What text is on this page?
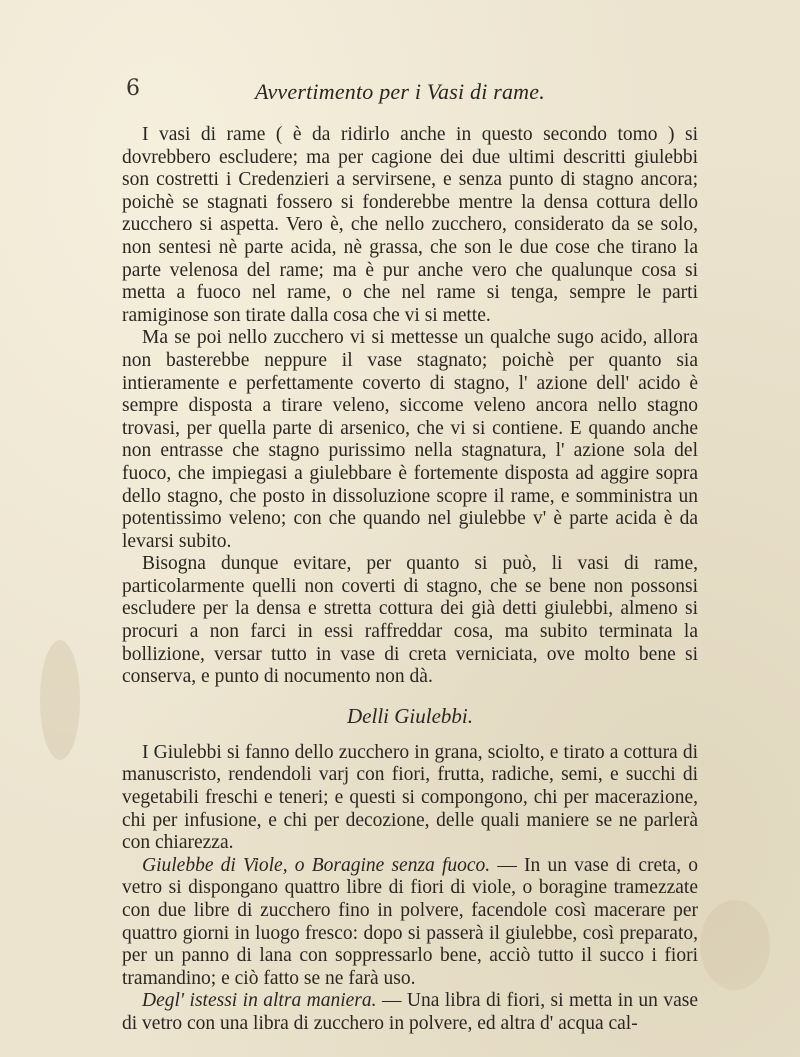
6	Avvertimento per i Vasi di rame.

I vasi di rame ( è da ridirlo anche in questo secondo tomo ) si dovrebbero escludere; ma per cagione dei due ultimi descritti giulebbi son costretti i Credenzieri a servirsene, e senza punto di stagno ancora; poichè se stagnati fossero si fonderebbe mentre la densa cottura dello zucchero si aspetta. Vero è, che nello zucchero, considerato da se solo, non sentesi nè parte acida, nè grassa, che son le due cose che tirano la parte velenosa del rame; ma è pur anche vero che qualunque cosa si metta a fuoco nel rame, o che nel rame si tenga, sempre le parti ramiginose son tirate dalla cosa che vi si mette.

Ma se poi nello zucchero vi si mettesse un qualche sugo acido, allora non basterebbe neppure il vase stagnato; poichè per quanto sia intieramente e perfettamente coverto di stagno, l' azione dell' acido è sempre disposta a tirare veleno, siccome veleno ancora nello stagno trovasi, per quella parte di arsenico, che vi si contiene. E quando anche non entrasse che stagno purissimo nella stagnatura, l' azione sola del fuoco, che impiegasi a giulebbare è fortemente disposta ad aggire sopra dello stagno, che posto in dissoluzione scopre il rame, e somministra un potentissimo veleno; con che quando nel giulebbe v' è parte acida è da levarsi subito.

Bisogna dunque evitare, per quanto si può, li vasi di rame, particolarmente quelli non coverti di stagno, che se bene non possonsi escludere per la densa e stretta cottura dei già detti giulebbi, almeno si procuri a non farci in essi raffreddar cosa, ma subito terminata la bollizione, versar tutto in vase di creta verniciata, ove molto bene si conserva, e punto di nocumento non dà.

Delli Giulebbi.

I Giulebbi si fanno dello zucchero in grana, sciolto, e tirato a cottura di manuscristo, rendendoli varj con fiori, frutta, radiche, semi, e succhi di vegetabili freschi e teneri; e questi si compongono, chi per macerazione, chi per infusione, e chi per decozione, delle quali maniere se ne parlerà con chiarezza.

Giulebbe di Viole, o Boragine senza fuoco. — In un vase di creta, o vetro si dispongano quattro libre di fiori di viole, o boragine tramezzate con due libre di zucchero fino in polvere, facendole così macerare per quattro giorni in luogo fresco: dopo si passerà il giulebbe, così preparato, per un panno di lana con soppressarlo bene, acciò tutto il succo i fiori tramandino; e ciò fatto se ne farà uso.

Degl' istessi in altra maniera. — Una libra di fiori, si metta in un vase di vetro con una libra di zucchero in polvere, ed altra d' acqua cal-
